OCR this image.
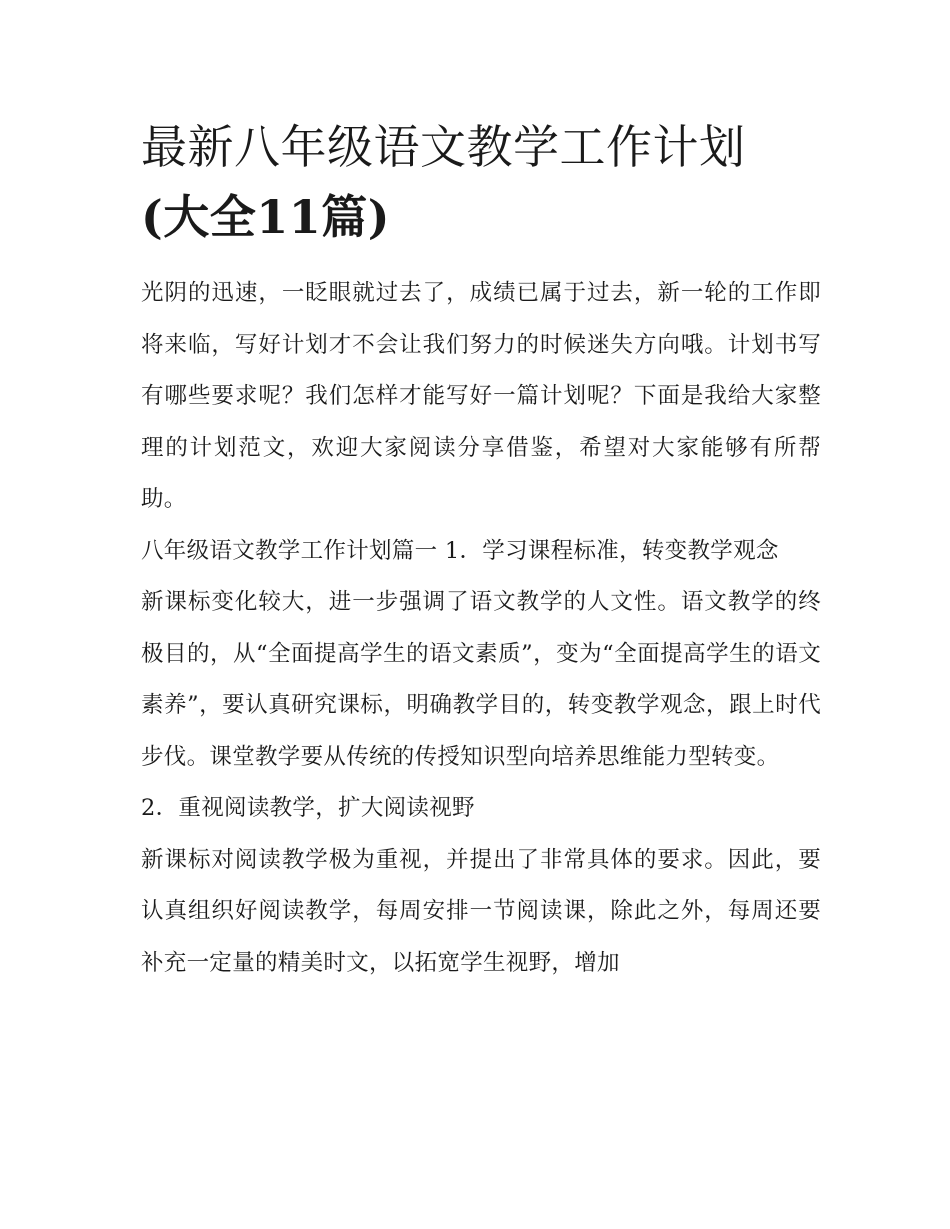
最新八年级语文教学工作计划
(大全11篇)

光阴的迅速，一眨眼就过去了，成绩已属于过去，新一轮的工作即将来临，写好计划才不会让我们努力的时候迷失方向哦。计划书写有哪些要求呢？我们怎样才能写好一篇计划呢？下面是我给大家整理的计划范文，欢迎大家阅读分享借鉴，希望对大家能够有所帮助。

八年级语文教学工作计划篇一 1．学习课程标准，转变教学观念

新课标变化较大，进一步强调了语文教学的人文性。语文教学的终极目的，从“全面提高学生的语文素质”，变为“全面提高学生的语文素养”，要认真研究课标，明确教学目的，转变教学观念，跟上时代步伐。课堂教学要从传统的传授知识型向培养思维能力型转变。

2．重视阅读教学，扩大阅读视野

新课标对阅读教学极为重视，并提出了非常具体的要求。因此，要认真组织好阅读教学，每周安排一节阅读课，除此之外，每周还要补充一定量的精美时文，以拓宽学生视野，增加
